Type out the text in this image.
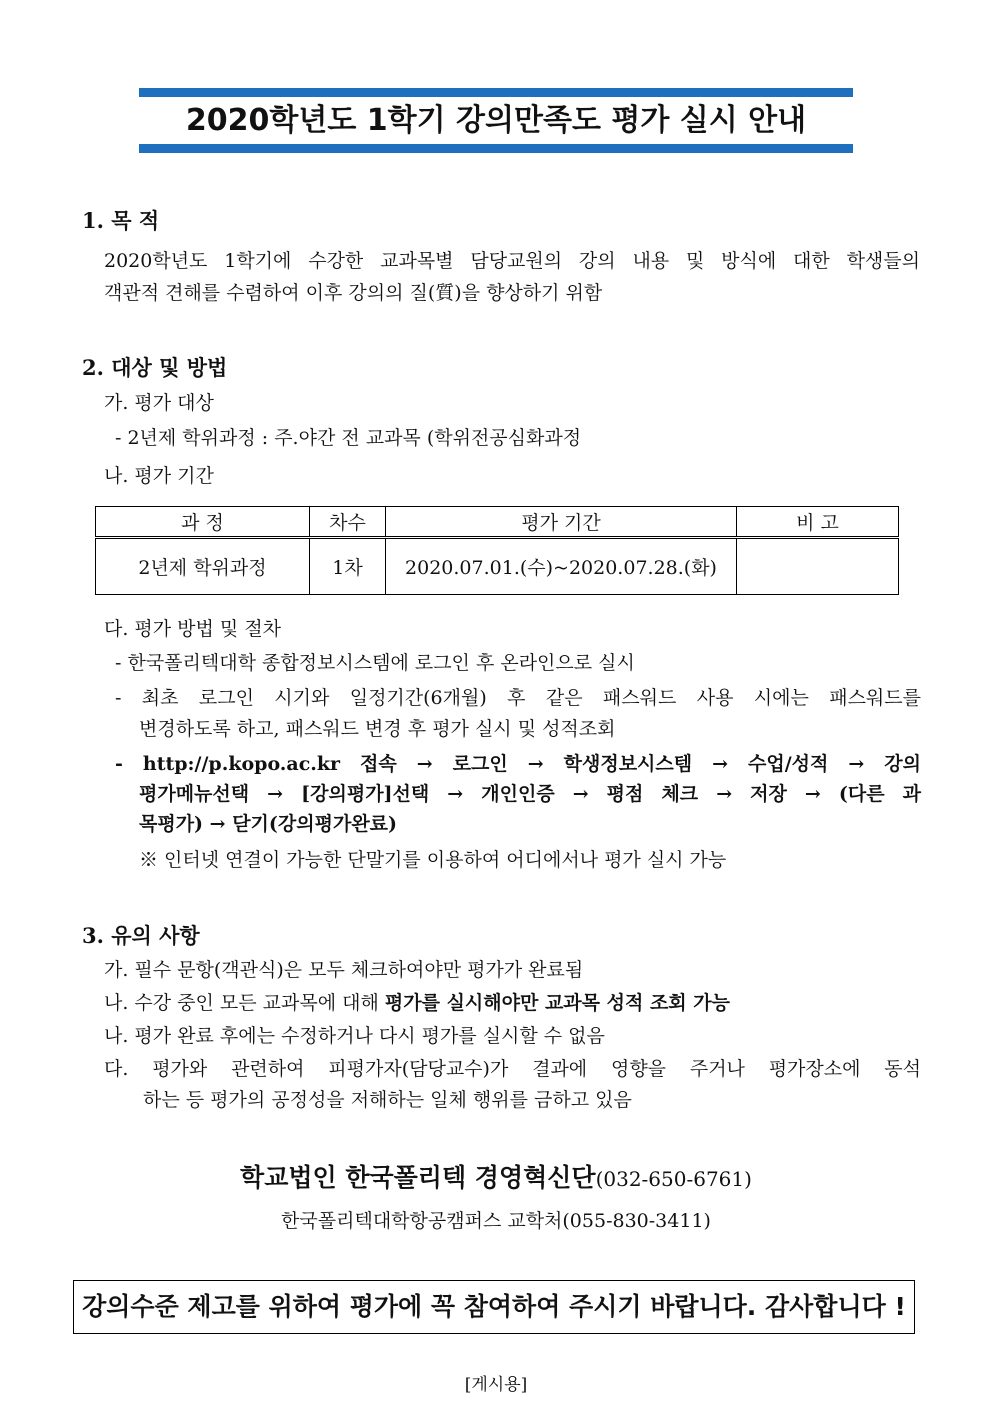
2020학년도 1학기 강의만족도 평가 실시 안내
1. 목 적
2020학년도 1학기에 수강한 교과목별 담당교원의 강의 내용 및 방식에 대한 학생들의
객관적 견해를 수렴하여 이후 강의의 질(質)을 향상하기 위함
2. 대상 및 방법
가. 평가 대상
- 2년제 학위과정 : 주.야간 전 교과목 (학위전공심화과정
나. 평가 기간
과 정	차수	평가 기간	비 고
2년제 학위과정	1차	2020.07.01.(수)~2020.07.28.(화)	
다. 평가 방법 및 절차
- 한국폴리텍대학 종합정보시스템에 로그인 후 온라인으로 실시
- 최초 로그인 시기와 일정기간(6개월) 후 같은 패스워드 사용 시에는 패스워드를
변경하도록 하고, 패스워드 변경 후 평가 실시 및 성적조회
- http://p.kopo.ac.kr 접속 → 로그인 → 학생정보시스템 → 수업/성적 → 강의
평가메뉴선택 → [강의평가]선택 → 개인인증 → 평점 체크 → 저장 → (다른 과
목평가) → 닫기(강의평가완료)
※ 인터넷 연결이 가능한 단말기를 이용하여 어디에서나 평가 실시 가능
3. 유의 사항
가. 필수 문항(객관식)은 모두 체크하여야만 평가가 완료됨
나. 수강 중인 모든 교과목에 대해 평가를 실시해야만 교과목 성적 조회 가능
나. 평가 완료 후에는 수정하거나 다시 평가를 실시할 수 없음
다. 평가와 관련하여 피평가자(담당교수)가 결과에 영향을 주거나 평가장소에 동석
하는 등 평가의 공정성을 저해하는 일체 행위를 금하고 있음
학교법인 한국폴리텍 경영혁신단(032-650-6761)
한국폴리텍대학항공캠퍼스 교학처(055-830-3411)
강의수준 제고를 위하여 평가에 꼭 참여하여 주시기 바랍니다. 감사합니다 !
[게시용]
